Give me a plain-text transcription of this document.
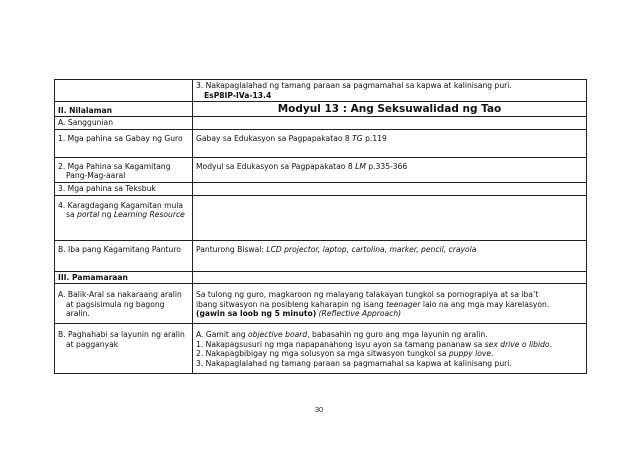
	3. Nakapaglalahad ng tamang paraan sa pagmamahal sa kapwa at kalinisang puri.

EsP8IP-IVa-13.4

II. Nilalaman	Modyul 13 : Ang Seksuwalidad ng Tao

A. Sanggunian	

1. Mga pahina sa Gabay ng Guro	Gabay sa Edukasyon sa Pagpapakatao 8 TG p.119

2. Mga Pahina sa Kagamitang Pang-Mag-aaral	Modyul sa Edukasyon sa Pagpapakatao 8 LM p.335-366
3. Mga pahina sa Teksbuk	

4. Karagdagang Kagamitan mula sa portal ng Learning Resource	

B. Iba pang Kagamitang Panturo	Panturong Biswal: LCD projector, laptop, cartolina, marker, pencil, crayola
III. Pamamaraan	

A. Balik-Aral sa nakaraang aralin at pagsisimula ng bagong aralin.	Sa tulong ng guro, magkaroon ng malayang talakayan tungkol sa pornograpiya at sa iba’t
ibang sitwasyon na posibleng kaharapin ng isang teenager lalo na ang mga may karelasyon.
(gawin sa loob ng 5 minuto) (Reflective Approach)

B. Paghahabi sa layunin ng aralin at pagganyak	A. Gamit ang objective board, babasahin ng guro ang mga layunin ng aralin.
1. Nakapagsusuri ng mga napapanahong isyu ayon sa tamang pananaw sa sex drive o libido.
2. Nakapagbibigay ng mga solusyon sa mga sitwasyon tungkol sa puppy love.
3. Nakapaglalahad ng tamang paraan sa pagmamahal sa kapwa at kalinisang puri.
30
